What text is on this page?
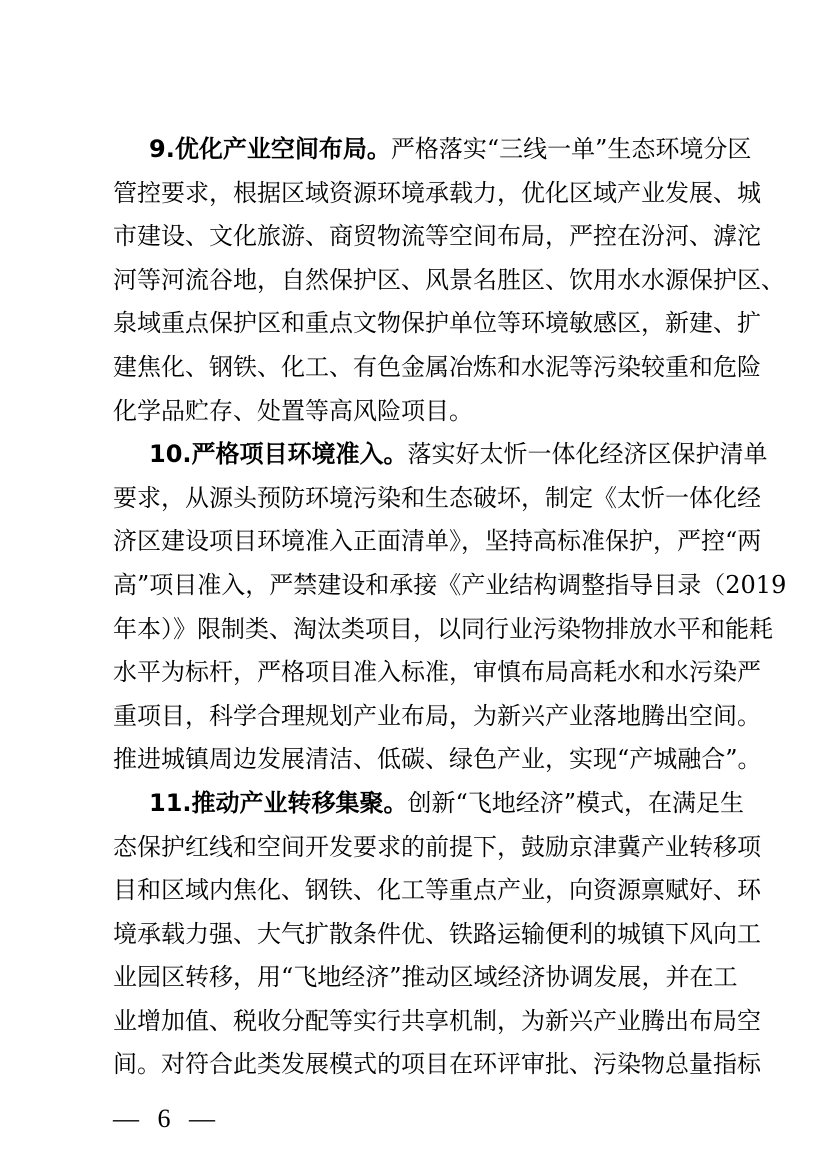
9.优化产业空间布局。严格落实“三线一单”生态环境分区
管控要求，根据区域资源环境承载力，优化区域产业发展、城
市建设、文化旅游、商贸物流等空间布局，严控在汾河、滹沱
河等河流谷地，自然保护区、风景名胜区、饮用水水源保护区、
泉域重点保护区和重点文物保护单位等环境敏感区，新建、扩
建焦化、钢铁、化工、有色金属冶炼和水泥等污染较重和危险
化学品贮存、处置等高风险项目。
10.严格项目环境准入。落实好太忻一体化经济区保护清单
要求，从源头预防环境污染和生态破坏，制定《太忻一体化经
济区建设项目环境准入正面清单》，坚持高标准保护，严控“两
高”项目准入，严禁建设和承接《产业结构调整指导目录（2019
年本）》限制类、淘汰类项目，以同行业污染物排放水平和能耗
水平为标杆，严格项目准入标准，审慎布局高耗水和水污染严
重项目，科学合理规划产业布局，为新兴产业落地腾出空间。
推进城镇周边发展清洁、低碳、绿色产业，实现“产城融合”。
11.推动产业转移集聚。创新“飞地经济”模式，在满足生
态保护红线和空间开发要求的前提下，鼓励京津冀产业转移项
目和区域内焦化、钢铁、化工等重点产业，向资源禀赋好、环
境承载力强、大气扩散条件优、铁路运输便利的城镇下风向工
业园区转移，用“飞地经济”推动区域经济协调发展，并在工
业增加值、税收分配等实行共享机制，为新兴产业腾出布局空
间。对符合此类发展模式的项目在环评审批、污染物总量指标
— 6 —
